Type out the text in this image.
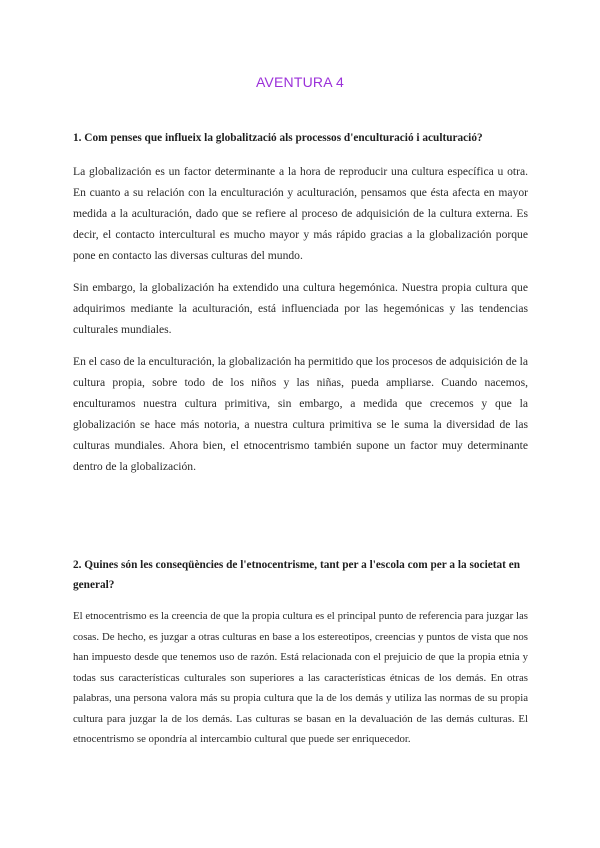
AVENTURA 4
1. Com penses que influeix la globalització als processos d'enculturació i aculturació?
La globalización es un factor determinante a la hora de reproducir una cultura específica u otra. En cuanto a su relación con la enculturación y aculturación, pensamos que ésta afecta en mayor medida a la aculturación, dado que se refiere al proceso de adquisición de la cultura externa. Es decir, el contacto intercultural es mucho mayor y más rápido gracias a la globalización porque pone en contacto las diversas culturas del mundo.
Sin embargo, la globalización ha extendido una cultura hegemónica. Nuestra propia cultura que adquirimos mediante la aculturación, está influenciada por las hegemónicas y las tendencias culturales mundiales.
En el caso de la enculturación, la globalización ha permitido que los procesos de adquisición de la cultura propia, sobre todo de los niños y las niñas, pueda ampliarse. Cuando nacemos, enculturamos nuestra cultura primitiva, sin embargo, a medida que crecemos y que la globalización se hace más notoria, a nuestra cultura primitiva se le suma la diversidad de las culturas mundiales. Ahora bien, el etnocentrismo también supone un factor muy determinante dentro de la globalización.
2. Quines són les conseqüències de l'etnocentrisme, tant per a l'escola com per a la societat en general?
El etnocentrismo es la creencia de que la propia cultura es el principal punto de referencia para juzgar las cosas. De hecho, es juzgar a otras culturas en base a los estereotipos, creencias y puntos de vista que nos han impuesto desde que tenemos uso de razón. Está relacionada con el prejuicio de que la propia etnia y todas sus características culturales son superiores a las características étnicas de los demás. En otras palabras, una persona valora más su propia cultura que la de los demás y utiliza las normas de su propia cultura para juzgar la de los demás. Las culturas se basan en la devaluación de las demás culturas. El etnocentrismo se opondría al intercambio cultural que puede ser enriquecedor.
